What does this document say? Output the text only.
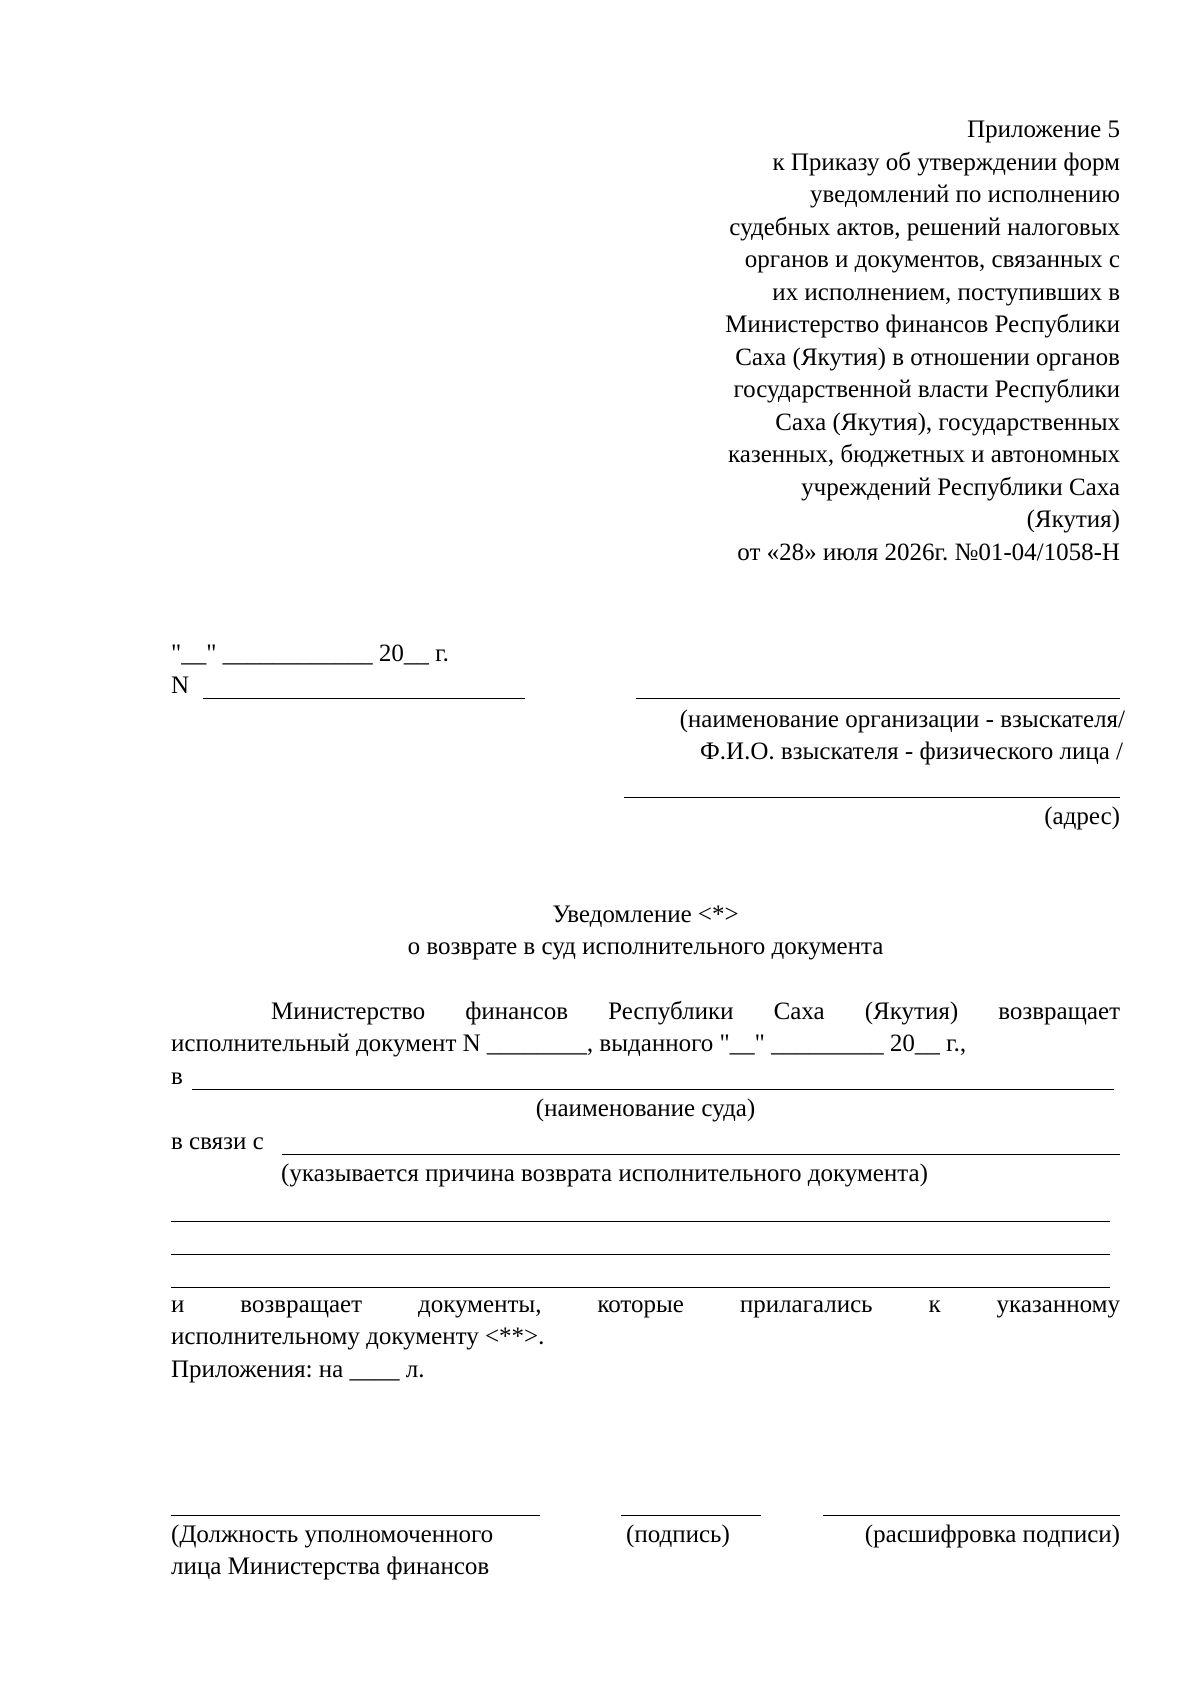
Приложение 5
к Приказу об утверждении форм
уведомлений по исполнению
судебных актов, решений налоговых
органов и документов, связанных с
их исполнением, поступивших в
Министерство финансов Республики
Саха (Якутия) в отношении органов
государственной власти Республики
Саха (Якутия), государственных
казенных, бюджетных и автономных
учреждений Республики Саха
(Якутия)
от «28» июля 2026г. №01-04/1058-Н
"__" ____________ 20__ г.
N
(наименование организации - взыскателя/
Ф.И.О. взыскателя - физического лица /
(адрес)
Уведомление <*>
о возврате в суд исполнительного документа
Министерство финансов Республики Саха (Якутия) возвращает
исполнительный документ N ________, выданного "__" _________ 20__ г.,
в
(наименование суда)
в связи с
(указывается причина возврата исполнительного документа)
и возвращает документы, которые прилагались к указанному
исполнительному документу <**>.
Приложения: на ____ л.
(Должность уполномоченного
лица Министерства финансов
(подпись)	(расшифровка подписи)
